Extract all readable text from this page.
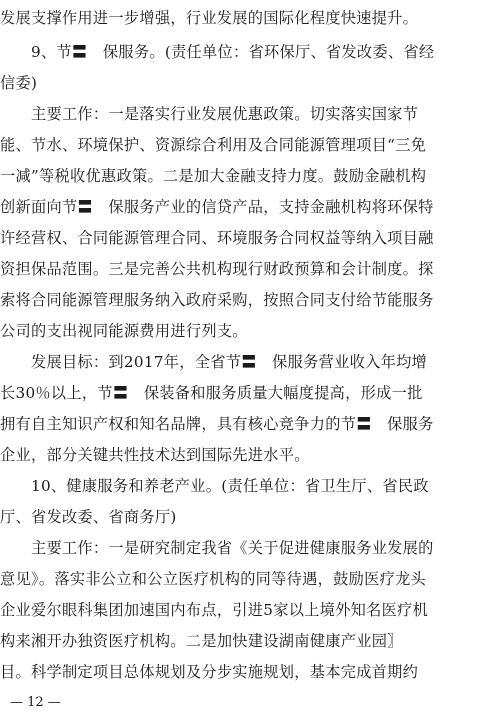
发展支撑作用进一步增强，行业发展的国际化程度快速提升。
　　9、节〓　保服务。(责任单位：省环保厅、省发改委、省经
信委)
　　主要工作：一是落实行业发展优惠政策。切实落实国家节
能、节水、环境保护、资源综合利用及合同能源管理项目“三免
一减”等税收优惠政策。二是加大金融支持力度。鼓励金融机构
创新面向节〓　保服务产业的信贷产品，支持金融机构将环保特
许经营权、合同能源管理合同、环境服务合同权益等纳入项目融
资担保品范围。三是完善公共机构现行财政预算和会计制度。探
索将合同能源管理服务纳入政府采购，按照合同支付给节能服务
公司的支出视同能源费用进行列支。
　　发展目标：到2017年，全省节〓　保服务营业收入年均增
长30％以上，节〓　保装备和服务质量大幅度提高，形成一批
拥有自主知识产权和知名品牌，具有核心竞争力的节〓　保服务
企业，部分关键共性技术达到国际先进水平。
　　10、健康服务和养老产业。(责任单位：省卫生厅、省民政
厅、省发改委、省商务厅)
　　主要工作：一是研究制定我省《关于促进健康服务业发展的
意见》。落实非公立和公立医疗机构的同等待遇，鼓励医疗龙头
企业爱尔眼科集团加速国内布点，引进5家以上境外知名医疗机
构来湘开办独资医疗机构。二是加快建设湖南健康产业园〗
目。科学制定项目总体规划及分步实施规划，基本完成首期约
— 12 —
